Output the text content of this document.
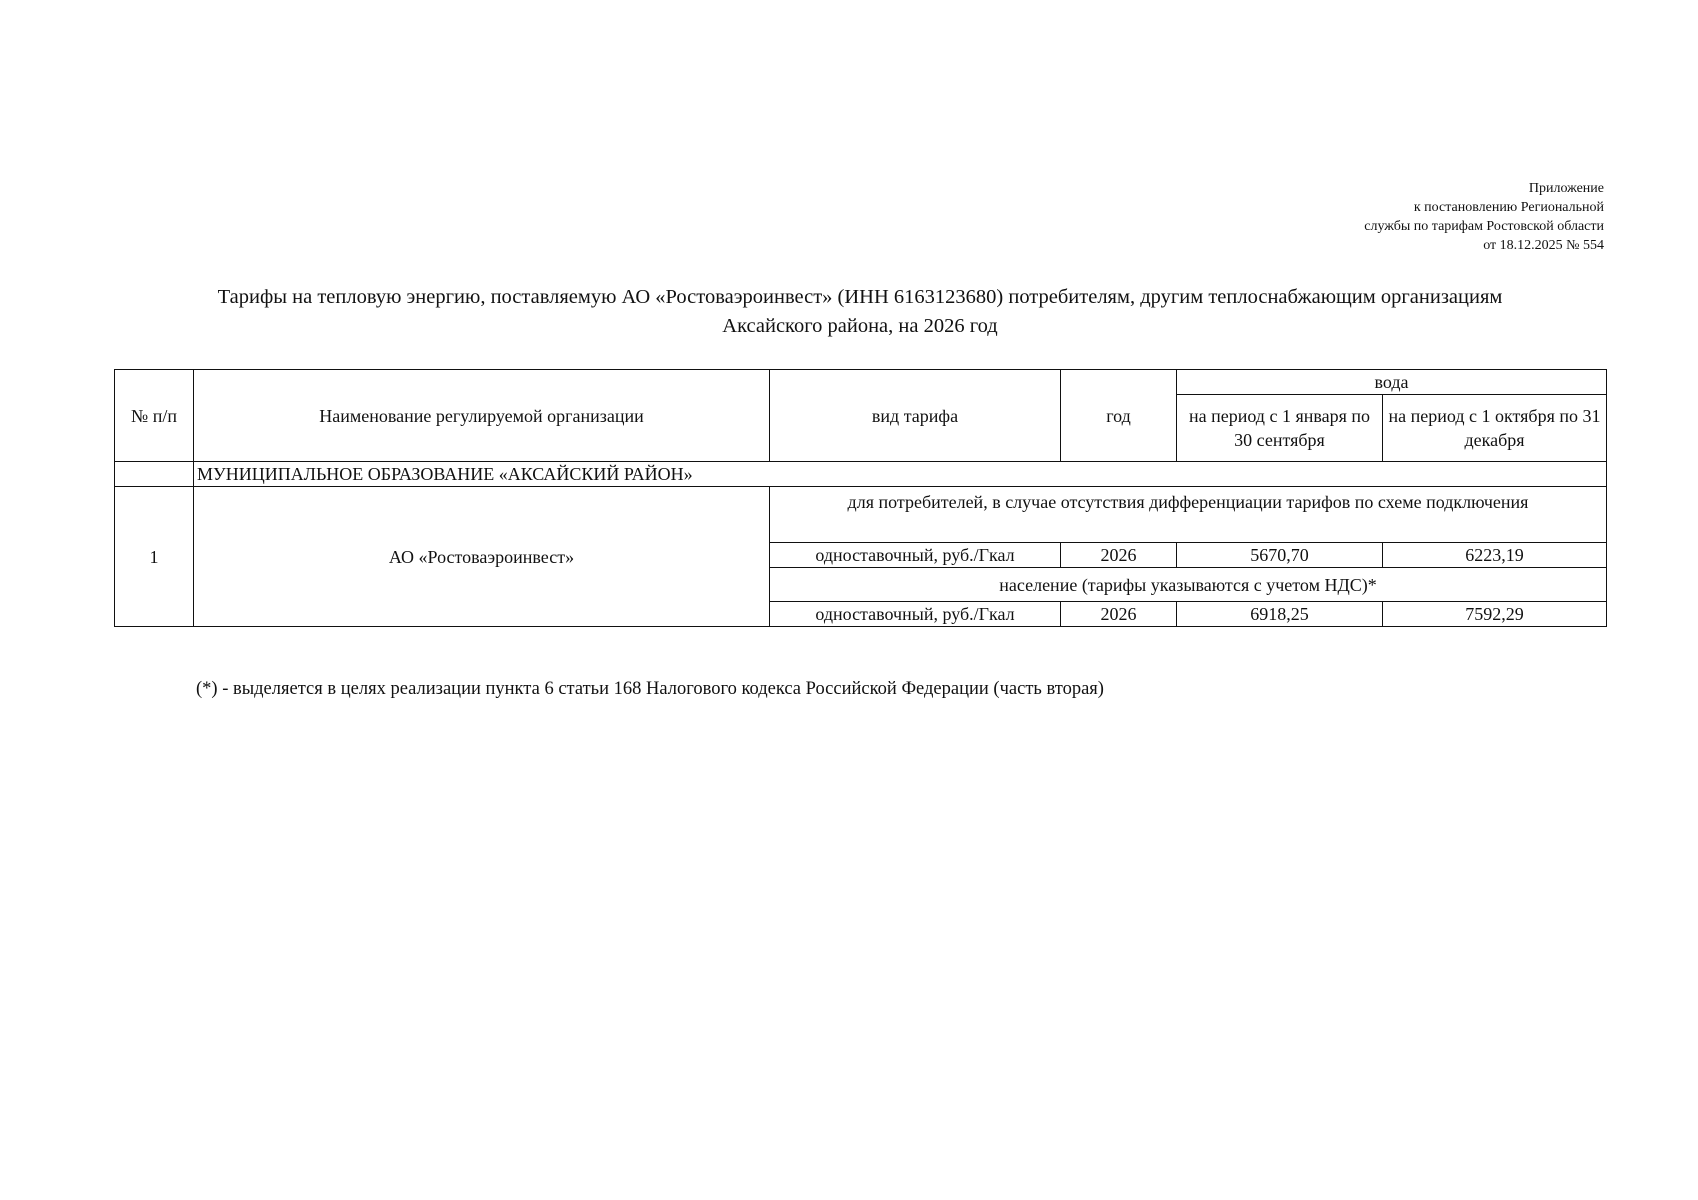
Приложение
к постановлению Региональной
службы по тарифам Ростовской области
от 18.12.2025 № 554
Тарифы на тепловую энергию, поставляемую АО «Ростоваэроинвест» (ИНН 6163123680) потребителям, другим теплоснабжающим организациям
Аксайского района, на 2026 год
№ п/п	Наименование регулируемой организации	вид тарифа	год	вода	
				на период с 1 января по 30 сентября	на период с 1 октября по 31 декабря
	МУНИЦИПАЛЬНОЕ ОБРАЗОВАНИЕ «АКСАЙСКИЙ РАЙОН»				
1	АО «Ростоваэроинвест»	для потребителей, в случае отсутствия дифференциации тарифов по схеме подключения			
		одноставочный, руб./Гкал	2026	5670,70	6223,19
		население (тарифы указываются с учетом НДС)*			
		одноставочный, руб./Гкал	2026	6918,25	7592,29
(*) - выделяется в целях реализации пункта 6 статьи 168 Налогового кодекса Российской Федерации (часть вторая)
